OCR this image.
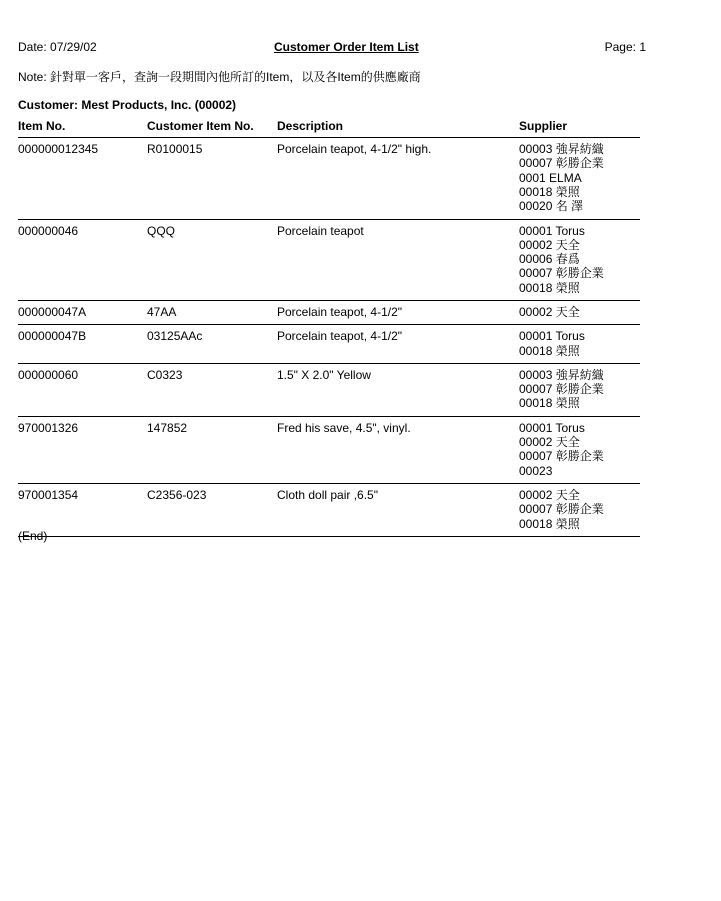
Date: 07/29/02	Customer Order Item List	Page: 1
Note: 針對單一客戶，查詢一段期間內他所訂的Item，以及各Item的供應廠商
Customer: Mest Products, Inc. (00002)
Item No.	Customer Item No. Description	Supplier
000000012345	R0100015	Porcelain teapot, 4-1/2" high.	00003 強昇紡織
00007 彰勝企業
0001 ELMA
00018 榮照
00020 名 澤
000000046	QQQ	Porcelain teapot	00001 Torus
00002 天全
00006 春爲
00007 彰勝企業
00018 榮照
000000047A	47AA	Porcelain teapot, 4-1/2"	00002 天全
000000047B	03125AAc	Porcelain teapot, 4-1/2"	00001 Torus
00018 榮照
000000060	C0323	1.5" X 2.0" Yellow	00003 強昇紡織
00007 彰勝企業
00018 榮照
970001326	147852	Fred his save, 4.5", vinyl.	00001 Torus
00002 天全
00007 彰勝企業
00023
970001354	C2356-023	Cloth doll pair ,6.5"	00002 天全
00007 彰勝企業
00018 榮照
(End)
